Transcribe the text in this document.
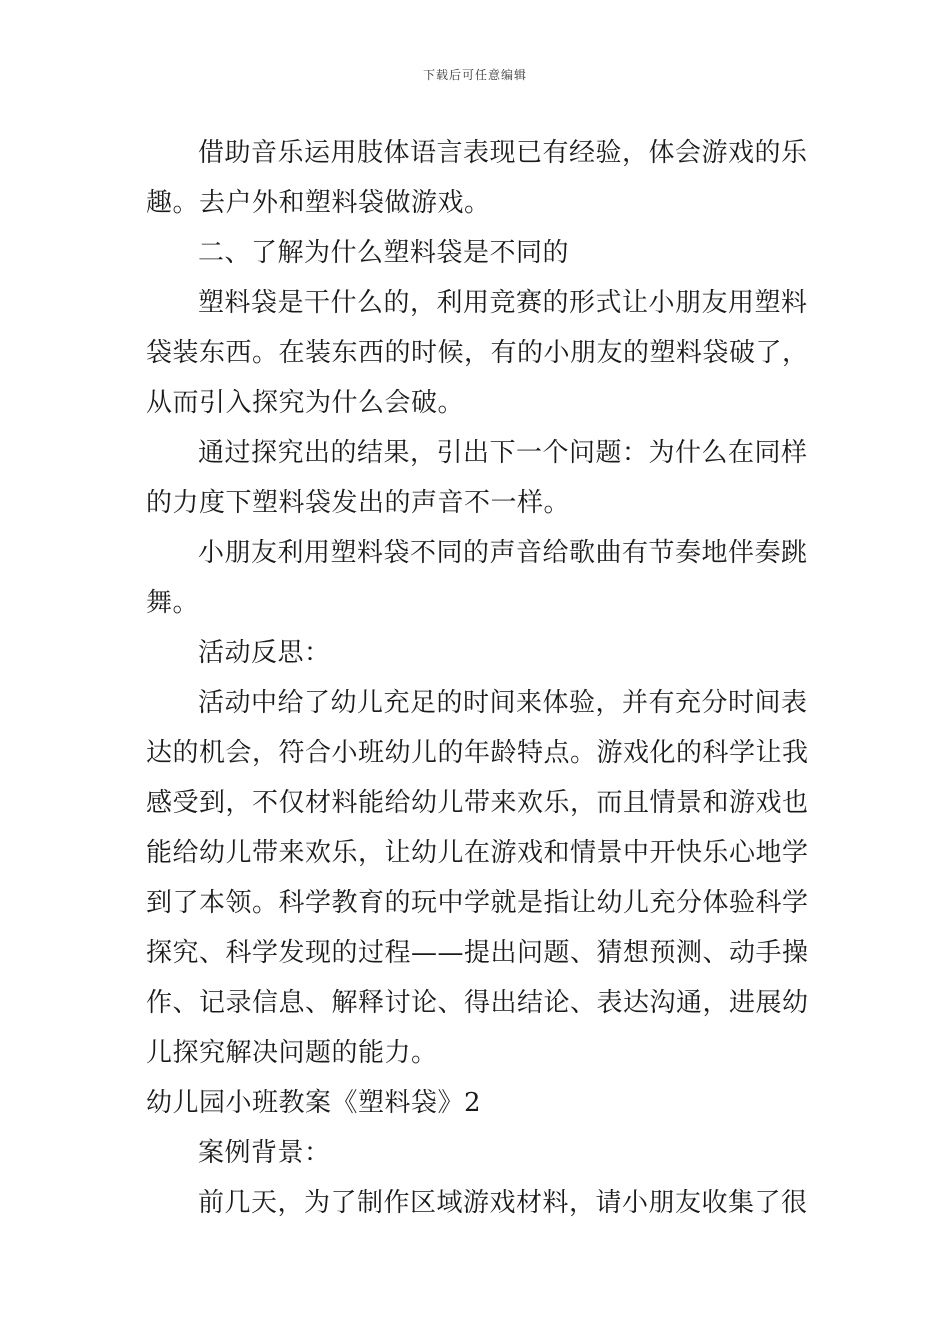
下载后可任意编辑

借助音乐运用肢体语言表现已有经验，体会游戏的乐趣。去户外和塑料袋做游戏。

二、了解为什么塑料袋是不同的

塑料袋是干什么的，利用竞赛的形式让小朋友用塑料袋装东西。在装东西的时候，有的小朋友的塑料袋破了，从而引入探究为什么会破。

通过探究出的结果，引出下一个问题：为什么在同样的力度下塑料袋发出的声音不一样。

小朋友利用塑料袋不同的声音给歌曲有节奏地伴奏跳舞。

活动反思：

活动中给了幼儿充足的时间来体验，并有充分时间表达的机会，符合小班幼儿的年龄特点。游戏化的科学让我感受到，不仅材料能给幼儿带来欢乐，而且情景和游戏也能给幼儿带来欢乐，让幼儿在游戏和情景中开快乐心地学到了本领。科学教育的玩中学就是指让幼儿充分体验科学探究、科学发现的过程——提出问题、猜想预测、动手操作、记录信息、解释讨论、得出结论、表达沟通，进展幼儿探究解决问题的能力。

幼儿园小班教案《塑料袋》2

案例背景：

前几天，为了制作区域游戏材料，请小朋友收集了很
